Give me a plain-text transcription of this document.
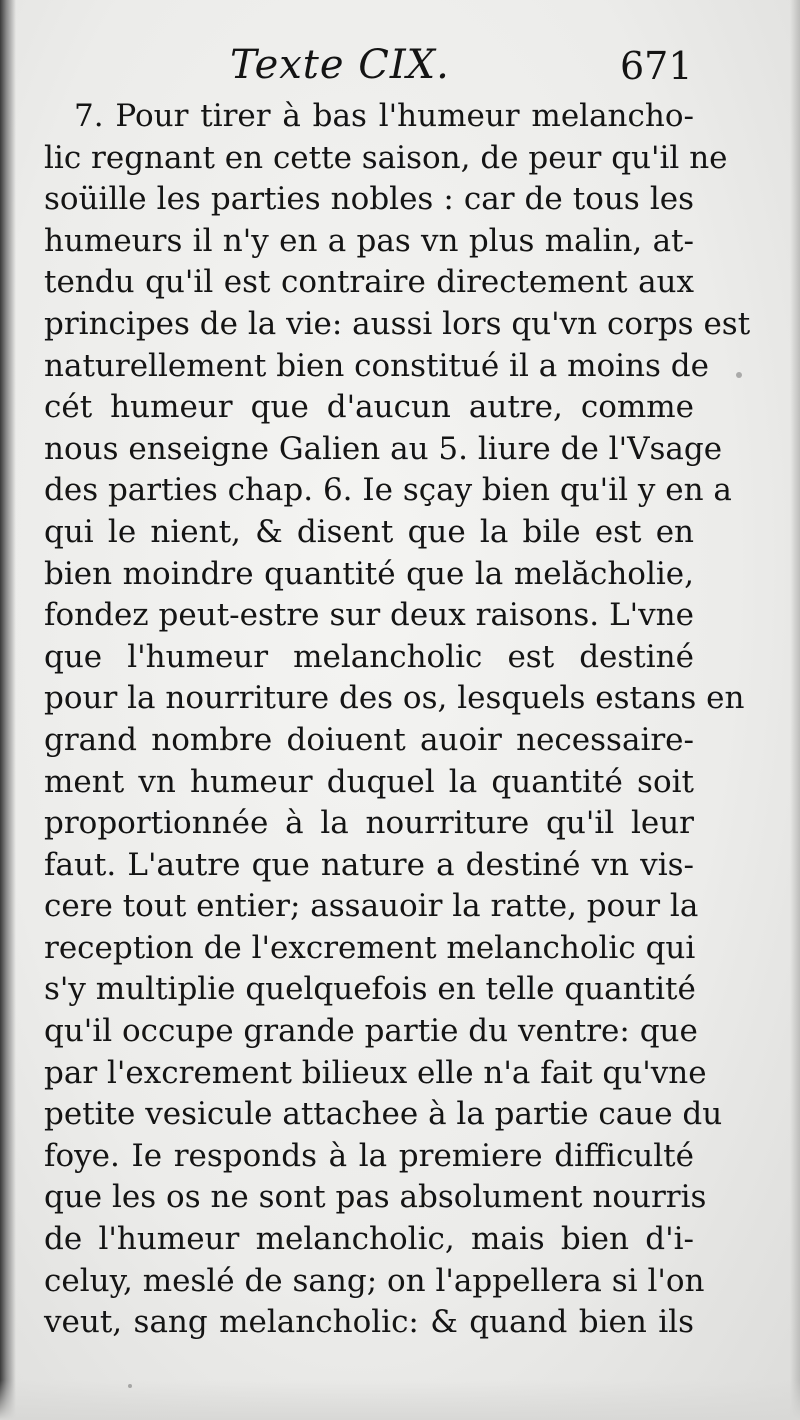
Texte CIX.	671
7. Pour tirer à bas l'humeur melancho-
lic regnant en cette saison, de peur qu'il ne
soüille les parties nobles : car de tous les
humeurs il n'y en a pas vn plus malin, at-
tendu qu'il est contraire directement aux
principes de la vie: aussi lors qu'vn corps est
naturellement bien constitué il a moins de
cét humeur que d'aucun autre, comme
nous enseigne Galien au 5. liure de l'Vsage
des parties chap. 6. Ie sçay bien qu'il y en a
qui le nient, & disent que la bile est en
bien moindre quantité que la melăcholie,
fondez peut-estre sur deux raisons. L'vne
que l'humeur melancholic est destiné
pour la nourriture des os, lesquels estans en
grand nombre doiuent auoir necessaire-
ment vn humeur duquel la quantité soit
proportionnée à la nourriture qu'il leur
faut. L'autre que nature a destiné vn vis-
cere tout entier; assauoir la ratte, pour la
reception de l'excrement melancholic qui
s'y multiplie quelquefois en telle quantité
qu'il occupe grande partie du ventre: que
par l'excrement bilieux elle n'a fait qu'vne
petite vesicule attachee à la partie caue du
foye. Ie responds à la premiere difficulté
que les os ne sont pas absolument nourris
de l'humeur melancholic, mais bien d'i-
celuy, meslé de sang; on l'appellera si l'on
veut, sang melancholic: & quand bien ils
